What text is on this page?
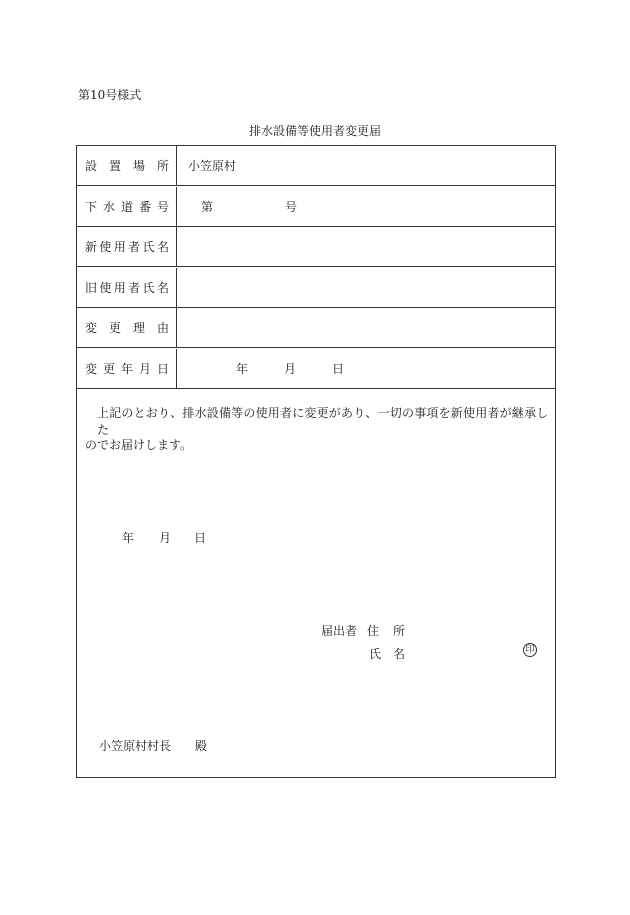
第10号様式
排水設備等使用者変更届
設 置 場 所 小笠原村
下 水 道 番 号	第	号
新 使 用 者 氏 名
旧 使 用 者 氏 名
変 更 理 由
変 更 年 月 日	年	月	日
上記のとおり、排水設備等の使用者に変更があり、一切の事項を新使用者が継承した
のでお届けします。
年 月 日
届出者 住 所
氏 名	印
小笠原村村長 殿
